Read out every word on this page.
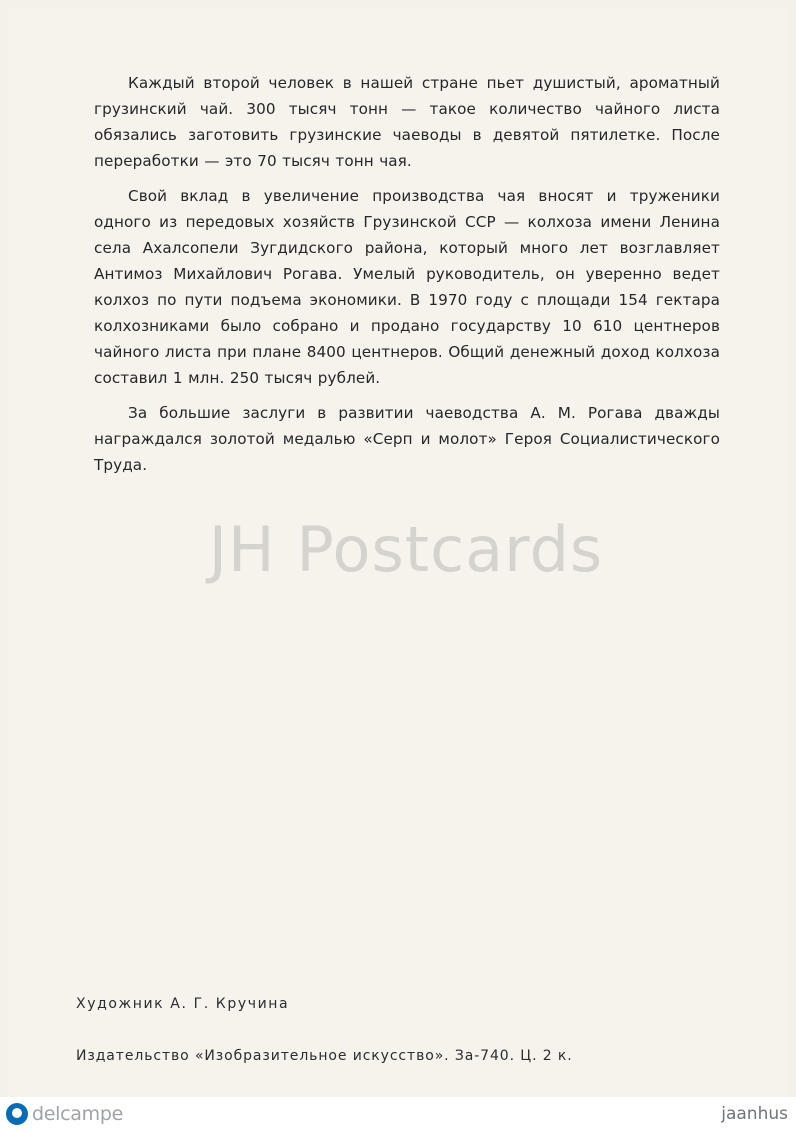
Каждый второй человек в нашей стране пьет душистый, ароматный грузинский чай. 300 тысяч тонн — такое количество чайного листа обязались заготовить грузинские чаеводы в девятой пятилетке. После переработки — это 70 тысяч тонн чая.

Свой вклад в увеличение производства чая вносят и труженики одного из передовых хозяйств Грузинской ССР — колхоза имени Ленина села Ахалсопели Зугдидского района, который много лет возглавляет Антимоз Михайлович Рогава. Умелый руководитель, он уверенно ведет колхоз по пути подъема экономики. В 1970 году с площади 154 гектара колхозниками было собрано и продано государству 10 610 центнеров чайного листа при плане 8400 центнеров. Общий денежный доход колхоза составил 1 млн. 250 тысяч рублей.

За большие заслуги в развитии чаеводства А. М. Рогава дважды награждался золотой медалью «Серп и молот» Героя Социалистического Труда.

JH Postcards
Художник А. Г. Кручина
Издательство «Изобразительное искусство». За-740. Ц. 2 к.
delcampe	jaanhus
